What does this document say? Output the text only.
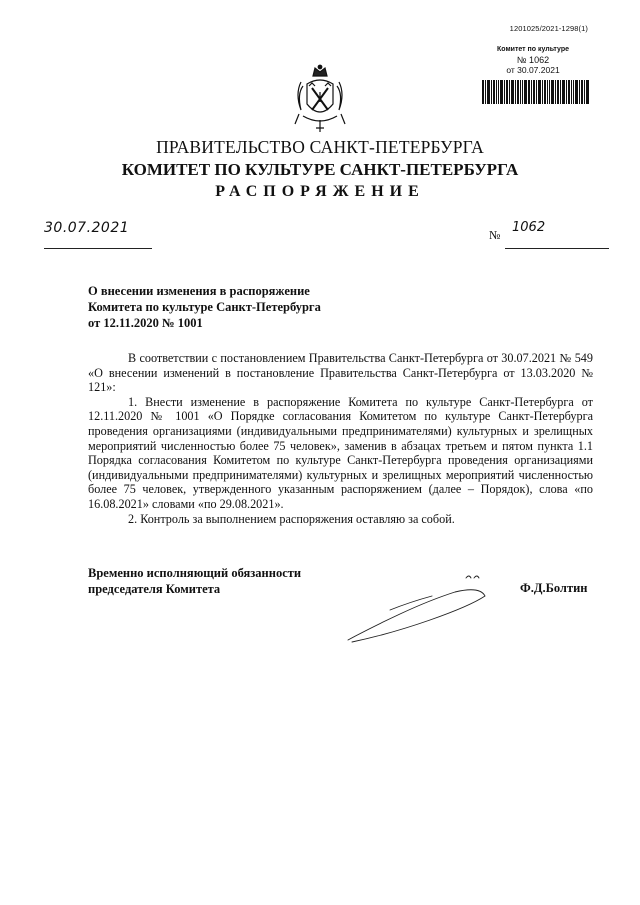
1201025/2021-1298(1)
Комитет по культуре
№ 1062
от 30.07.2021
ПРАВИТЕЛЬСТВО САНКТ-ПЕТЕРБУРГА
КОМИТЕТ ПО КУЛЬТУРЕ САНКТ-ПЕТЕРБУРГА
РАСПОРЯЖЕНИЕ
30.07.2021	№ 1062
О внесении изменения в распоряжение
Комитета по культуре Санкт-Петербурга
от 12.11.2020 № 1001

В соответствии с постановлением Правительства Санкт-Петербурга от 30.07.2021 № 549 «О внесении изменений в постановление Правительства Санкт-Петербурга от 13.03.2020 № 121»:

1. Внести изменение в распоряжение Комитета по культуре Санкт-Петербурга от 12.11.2020 № 1001 «О Порядке согласования Комитетом по культуре Санкт-Петербурга проведения организациями (индивидуальными предпринимателями) культурных и зрелищных мероприятий численностью более 75 человек», заменив в абзацах третьем и пятом пункта 1.1 Порядка согласования Комитетом по культуре Санкт-Петербурга проведения организациями (индивидуальными предпринимателями) культурных и зрелищных мероприятий численностью более 75 человек, утвержденного указанным распоряжением (далее – Порядок), слова «по 16.08.2021» словами «по 29.08.2021».

2. Контроль за выполнением распоряжения оставляю за собой.

Временно исполняющий обязанности
председателя Комитета	Ф.Д.Болтин
